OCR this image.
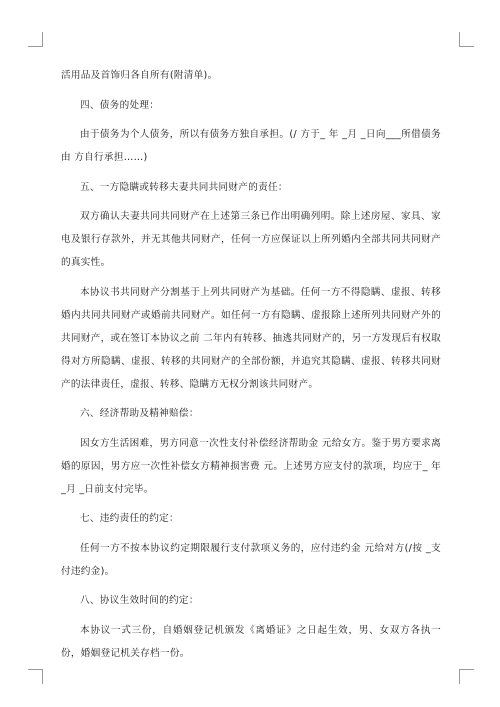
活用品及首饰归各自所有(附清单)。

四、债务的处理：

由于债务为个人债务，所以有债务方独自承担。(/ 方于_ 年 _月 _日向___所借债务由 方自行承担……)

五、一方隐瞒或转移夫妻共同共同财产的责任：

双方确认夫妻共同共同财产在上述第三条已作出明确列明。除上述房屋、家具、家电及银行存款外，并无其他共同财产，任何一方应保证以上所列婚内全部共同共同财产的真实性。

本协议书共同财产分割基于上列共同财产为基础。任何一方不得隐瞒、虚报、转移婚内共同共同财产或婚前共同财产。如任何一方有隐瞒、虚报除上述所列共同财产外的共同财产，或在签订本协议之前 二年内有转移、抽逃共同财产的，另一方发现后有权取得对方所隐瞒、虚报、转移的共同财产的全部份额，并追究其隐瞒、虚报、转移共同财产的法律责任，虚报、转移、隐瞒方无权分割该共同财产。

六、经济帮助及精神赔偿：

因女方生活困难，男方同意一次性支付补偿经济帮助金 元给女方。鉴于男方要求离婚的原因，男方应一次性补偿女方精神损害费 元。上述男方应支付的款项，均应于_ 年 _月 _日前支付完毕。

七、违约责任的约定：

任何一方不按本协议约定期限履行支付款项义务的，应付违约金 元给对方(/按 _支付违约金)。

八、协议生效时间的约定：

本协议一式三份，自婚姻登记机颁发《离婚证》之日起生效，男、女双方各执一份，婚姻登记机关存档一份。
